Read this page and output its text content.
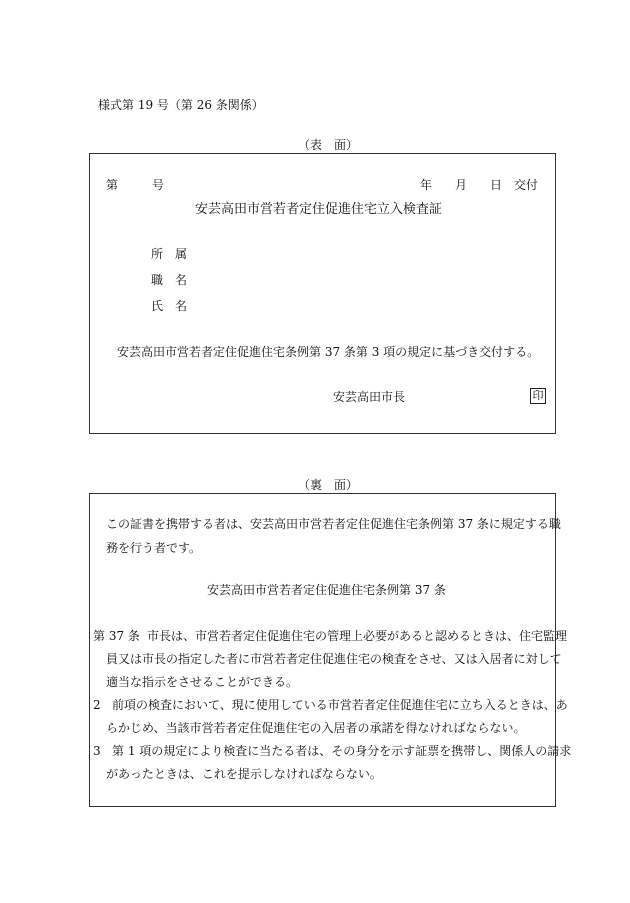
様式第 19 号（第 26 条関係）
（表　面）
第	号	年 月 日 交付
安芸高田市営若者定住促進住宅立入検査証
所　属
職　名
氏　名
安芸高田市営若者定住促進住宅条例第 37 条第 3 項の規定に基づき交付する。
安芸高田市長	印
（裏　面）
この証書を携帯する者は、安芸高田市営若者定住促進住宅条例第 37 条に規定する職
務を行う者です。
安芸高田市営若者定住促進住宅条例第 37 条
第 37 条 市長は、市営若者定住促進住宅の管理上必要があると認めるときは、住宅監理
員又は市長の指定した者に市営若者定住促進住宅の検査をさせ、又は入居者に対して
適当な指示をさせることができる。
2 前項の検査において、現に使用している市営若者定住促進住宅に立ち入るときは、あ
らかじめ、当該市営若者定住促進住宅の入居者の承諾を得なければならない。
3 第 1 項の規定により検査に当たる者は、その身分を示す証票を携帯し、関係人の請求
があったときは、これを提示しなければならない。
